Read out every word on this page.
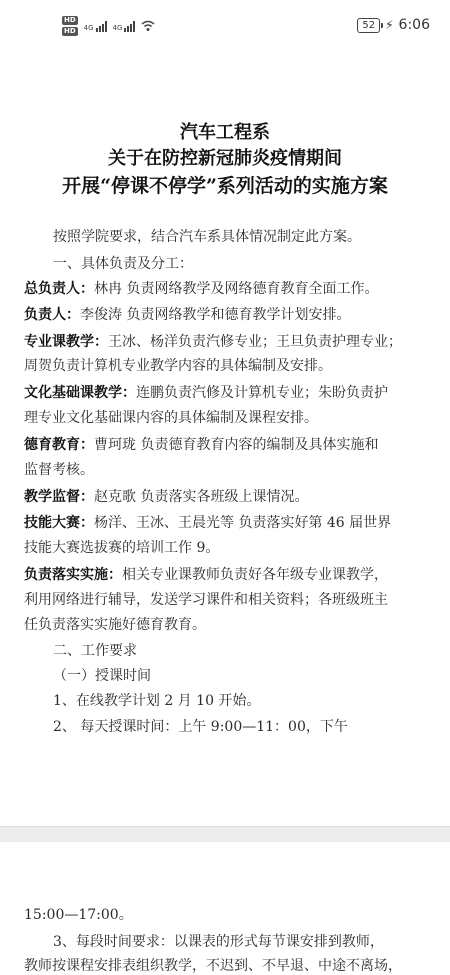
HD
HD 4G	4G	52 ⚡ 6:06
汽车工程系
关于在防控新冠肺炎疫情期间
开展“停课不停学”系列活动的实施方案
按照学院要求，结合汽车系具体情况制定此方案。
一、具体负责及分工：
总负责人：林冉 负责网络教学及网络德育教育全面工作。
负责人：李俊涛 负责网络教学和德育教学计划安排。
专业课教学：王冰、杨洋负责汽修专业；王旦负责护理专业；
周贺负责计算机专业教学内容的具体编制及安排。
文化基础课教学：连鹏负责汽修及计算机专业；朱盼负责护
理专业文化基础课内容的具体编制及课程安排。
德育教育：曹珂珑 负责德育教育内容的编制及具体实施和
监督考核。
教学监督：赵克歌 负责落实各班级上课情况。
技能大赛：杨洋、王冰、王晨光等 负责落实好第 46 届世界
技能大赛选拔赛的培训工作 9。
负责落实实施：相关专业课教师负责好各年级专业课教学，
利用网络进行辅导，发送学习课件和相关资料；各班级班主
任负责落实实施好德育教育。
二、工作要求
（一）授课时间
1、在线教学计划 2 月 10 开始。
2、 每天授课时间：上午 9:00—11：00，下午
15:00—17:00。
3、每段时间要求：以课表的形式每节课安排到教师，
教师按课程安排表组织教学，不迟到、不早退、中途不离场，
